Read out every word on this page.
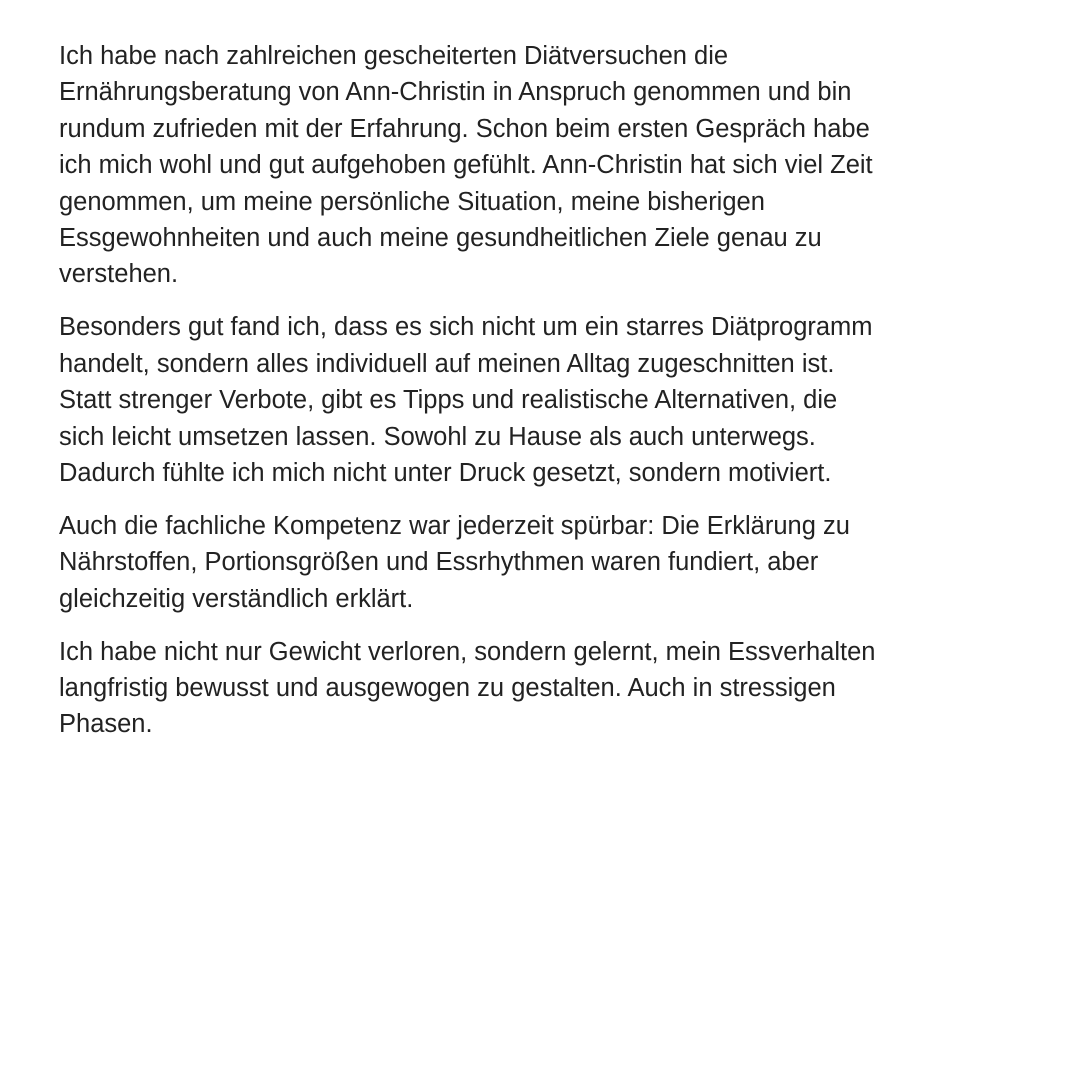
Ich habe nach zahlreichen gescheiterten Diätversuchen die
Ernährungsberatung von Ann-Christin in Anspruch genommen und bin
rundum zufrieden mit der Erfahrung. Schon beim ersten Gespräch habe
ich mich wohl und gut aufgehoben gefühlt. Ann-Christin hat sich viel Zeit
genommen, um meine persönliche Situation, meine bisherigen
Essgewohnheiten und auch meine gesundheitlichen Ziele genau zu
verstehen.

Besonders gut fand ich, dass es sich nicht um ein starres Diätprogramm
handelt, sondern alles individuell auf meinen Alltag zugeschnitten ist.
Statt strenger Verbote, gibt es Tipps und realistische Alternativen, die
sich leicht umsetzen lassen. Sowohl zu Hause als auch unterwegs.
Dadurch fühlte ich mich nicht unter Druck gesetzt, sondern motiviert.

Auch die fachliche Kompetenz war jederzeit spürbar: Die Erklärung zu
Nährstoffen, Portionsgrößen und Essrhythmen waren fundiert, aber
gleichzeitig verständlich erklärt.

Ich habe nicht nur Gewicht verloren, sondern gelernt, mein Essverhalten
langfristig bewusst und ausgewogen zu gestalten. Auch in stressigen
Phasen.
